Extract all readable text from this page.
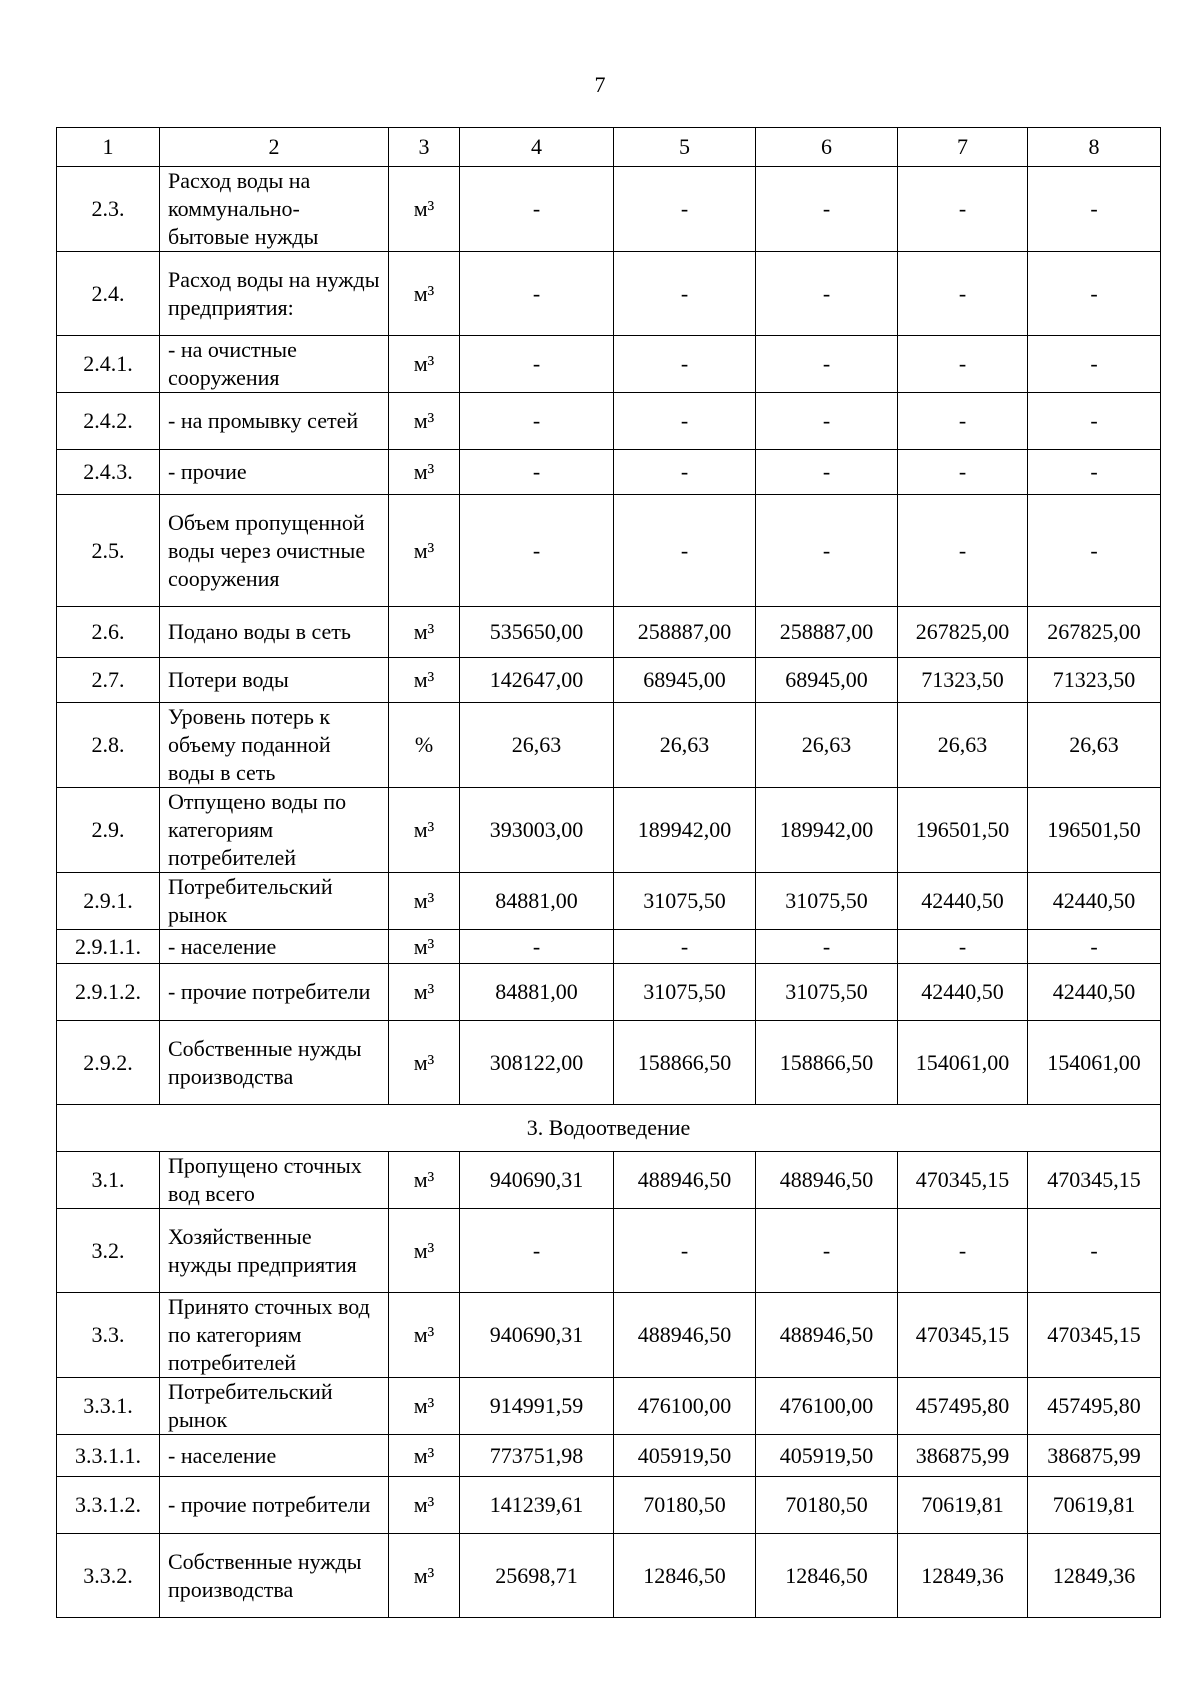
7
1	2	3	4	5	6	7	8
2.3.	Расход воды на коммунально-бытовые нужды	м³	-	-	-	-	-
2.4.	Расход воды на нужды предприятия:	м³	-	-	-	-	-
2.4.1.	- на очистные сооружения	м³	-	-	-	-	-
2.4.2.	- на промывку сетей	м³	-	-	-	-	-
2.4.3.	- прочие	м³	-	-	-	-	-
2.5.	Объем пропущенной воды через очистные сооружения	м³	-	-	-	-	-
2.6.	Подано воды в сеть	м³	535650,00	258887,00	258887,00	267825,00	267825,00
2.7.	Потери воды	м³	142647,00	68945,00	68945,00	71323,50	71323,50
2.8.	Уровень потерь к объему поданной воды в сеть	%	26,63	26,63	26,63	26,63	26,63
2.9.	Отпущено воды по категориям потребителей	м³	393003,00	189942,00	189942,00	196501,50	196501,50
2.9.1.	Потребительский рынок	м³	84881,00	31075,50	31075,50	42440,50	42440,50
2.9.1.1.	- население	м³	-	-	-	-	-
2.9.1.2.	- прочие потребители	м³	84881,00	31075,50	31075,50	42440,50	42440,50
2.9.2.	Собственные нужды производства	м³	308122,00	158866,50	158866,50	154061,00	154061,00
3. Водоотведение							
3.1.	Пропущено сточных вод всего	м³	940690,31	488946,50	488946,50	470345,15	470345,15
3.2.	Хозяйственные нужды предприятия	м³	-	-	-	-	-
3.3.	Принято сточных вод по категориям потребителей	м³	940690,31	488946,50	488946,50	470345,15	470345,15
3.3.1.	Потребительский рынок	м³	914991,59	476100,00	476100,00	457495,80	457495,80
3.3.1.1.	- население	м³	773751,98	405919,50	405919,50	386875,99	386875,99
3.3.1.2.	- прочие потребители	м³	141239,61	70180,50	70180,50	70619,81	70619,81
3.3.2.	Собственные нужды производства	м³	25698,71	12846,50	12846,50	12849,36	12849,36
